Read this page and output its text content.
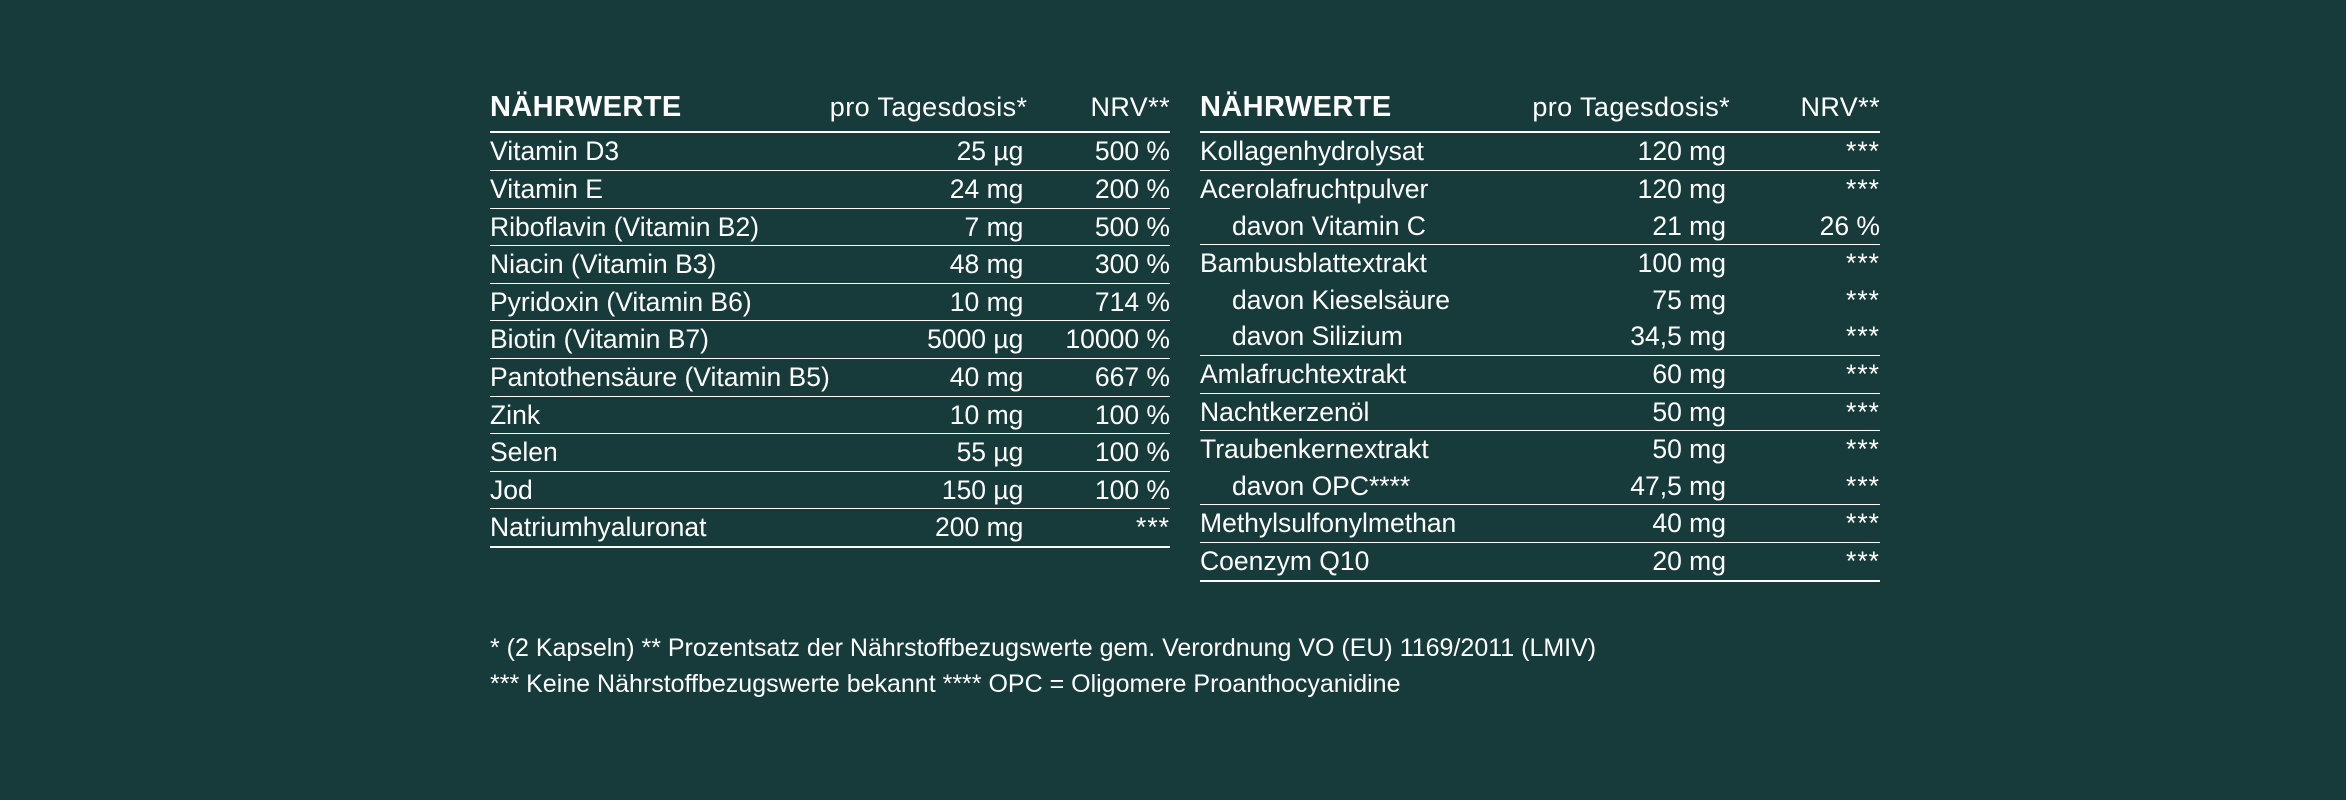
NÄHRWERTE	pro Tagesdosis*	NRV**
Vitamin D3	25 µg	500 %
Vitamin E	24 mg	200 %
Riboflavin (Vitamin B2)	7 mg	500 %
Niacin (Vitamin B3)	48 mg	300 %
Pyridoxin (Vitamin B6)	10 mg	714 %
Biotin (Vitamin B7)	5000 µg	10000 %
Pantothensäure (Vitamin B5)	40 mg	667 %
Zink	10 mg	100 %
Selen	55 µg	100 %
Jod	150 µg	100 %
Natriumhyaluronat	200 mg	***
NÄHRWERTE	pro Tagesdosis*	NRV**
Kollagenhydrolysat	120 mg	***
Acerolafruchtpulver	120 mg	***
davon Vitamin C	21 mg	26 %
Bambusblattextrakt	100 mg	***
davon Kieselsäure	75 mg	***
davon Silizium	34,5 mg	***
Amlafruchtextrakt	60 mg	***
Nachtkerzenöl	50 mg	***
Traubenkernextrakt	50 mg	***
davon OPC****	47,5 mg	***
Methylsulfonylmethan	40 mg	***
Coenzym Q10	20 mg	***
* (2 Kapseln) ** Prozentsatz der Nährstoffbezugswerte gem. Verordnung VO (EU) 1169/2011 (LMIV)
*** Keine Nährstoffbezugswerte bekannt **** OPC = Oligomere Proanthocyanidine
